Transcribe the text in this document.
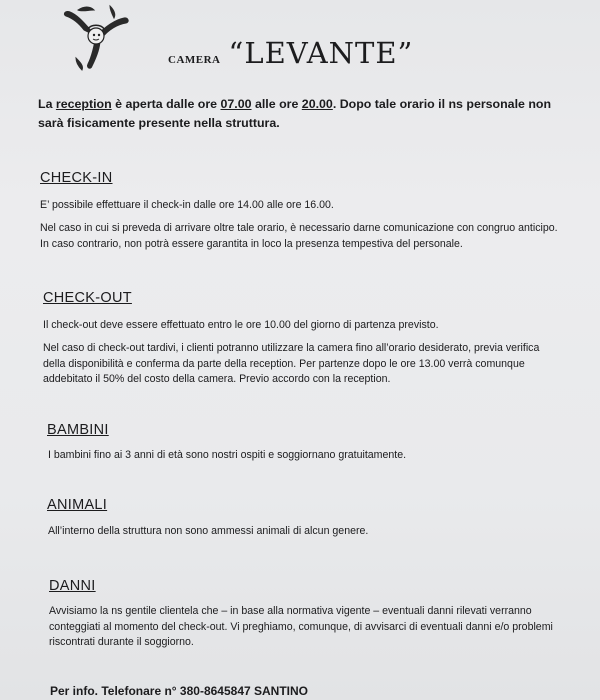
CAMERA “LEVANTE”
La reception è aperta dalle ore 07.00 alle ore 20.00. Dopo tale orario il ns personale non sarà fisicamente presente nella struttura.
CHECK-IN

E’ possibile effettuare il check-in dalle ore 14.00 alle ore 16.00.

Nel caso in cui si preveda di arrivare oltre tale orario, è necessario darne comunicazione con congruo anticipo. In caso contrario, non potrà essere garantita in loco la presenza tempestiva del personale.

CHECK-OUT

Il check-out deve essere effettuato entro le ore 10.00 del giorno di partenza previsto.

Nel caso di check-out tardivi, i clienti potranno utilizzare la camera fino all’orario desiderato, previa verifica della disponibilità e conferma da parte della reception. Per partenze dopo le ore 13.00 verrà comunque addebitato il 50% del costo della camera. Previo accordo con la reception.

BAMBINI

I bambini fino ai 3 anni di età sono nostri ospiti e soggiornano gratuitamente.

ANIMALI

All’interno della struttura non sono ammessi animali di alcun genere.

DANNI

Avvisiamo la ns gentile clientela che – in base alla normativa vigente – eventuali danni rilevati verranno conteggiati al momento del check-out. Vi preghiamo, comunque, di avvisarci di eventuali danni e/o problemi riscontrati durante il soggiorno.

Per info. Telefonare n° 380-8645847 SANTINO
